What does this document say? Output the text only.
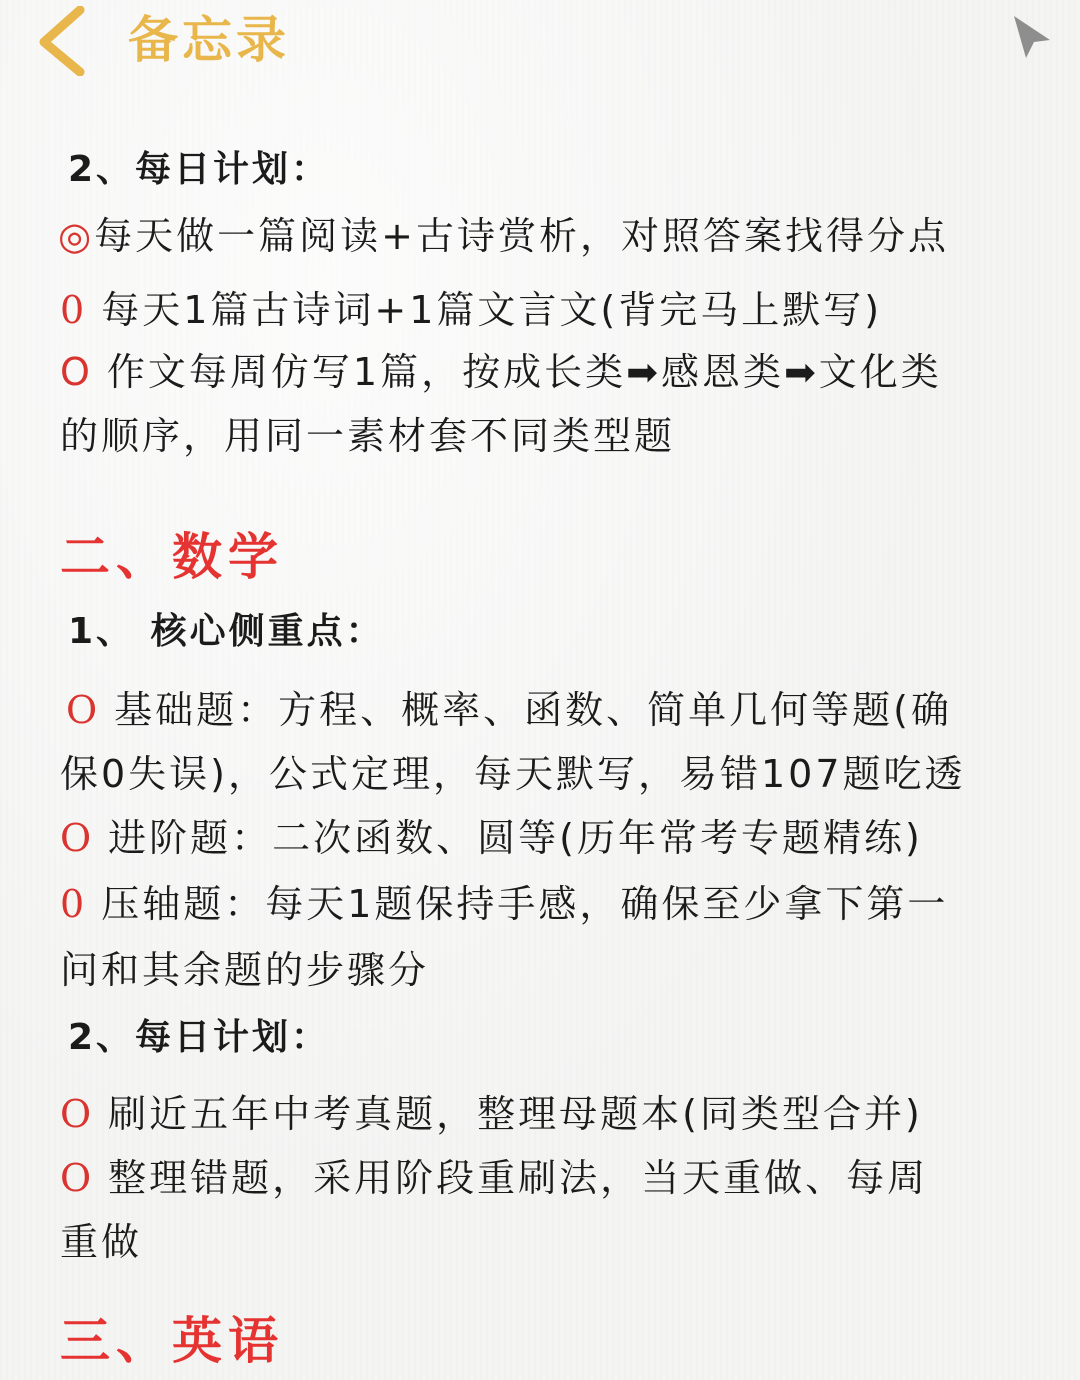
备忘录
2、每日计划：
◎每天做一篇阅读+古诗赏析，对照答案找得分点
0 每天1篇古诗词+1篇文言文(背完马上默写)
O 作文每周仿写1篇，按成长类➡感恩类➡文化类
的顺序，用同一素材套不同类型题
二、数学
1、 核心侧重点：
O 基础题：方程、概率、函数、简单几何等题(确
保0失误)，公式定理，每天默写，易错107题吃透
O 进阶题：二次函数、圆等(历年常考专题精练)
0 压轴题：每天1题保持手感，确保至少拿下第一
问和其余题的步骤分
2、每日计划：
O 刷近五年中考真题，整理母题本(同类型合并)
O 整理错题，采用阶段重刷法，当天重做、每周
重做
三、英语
